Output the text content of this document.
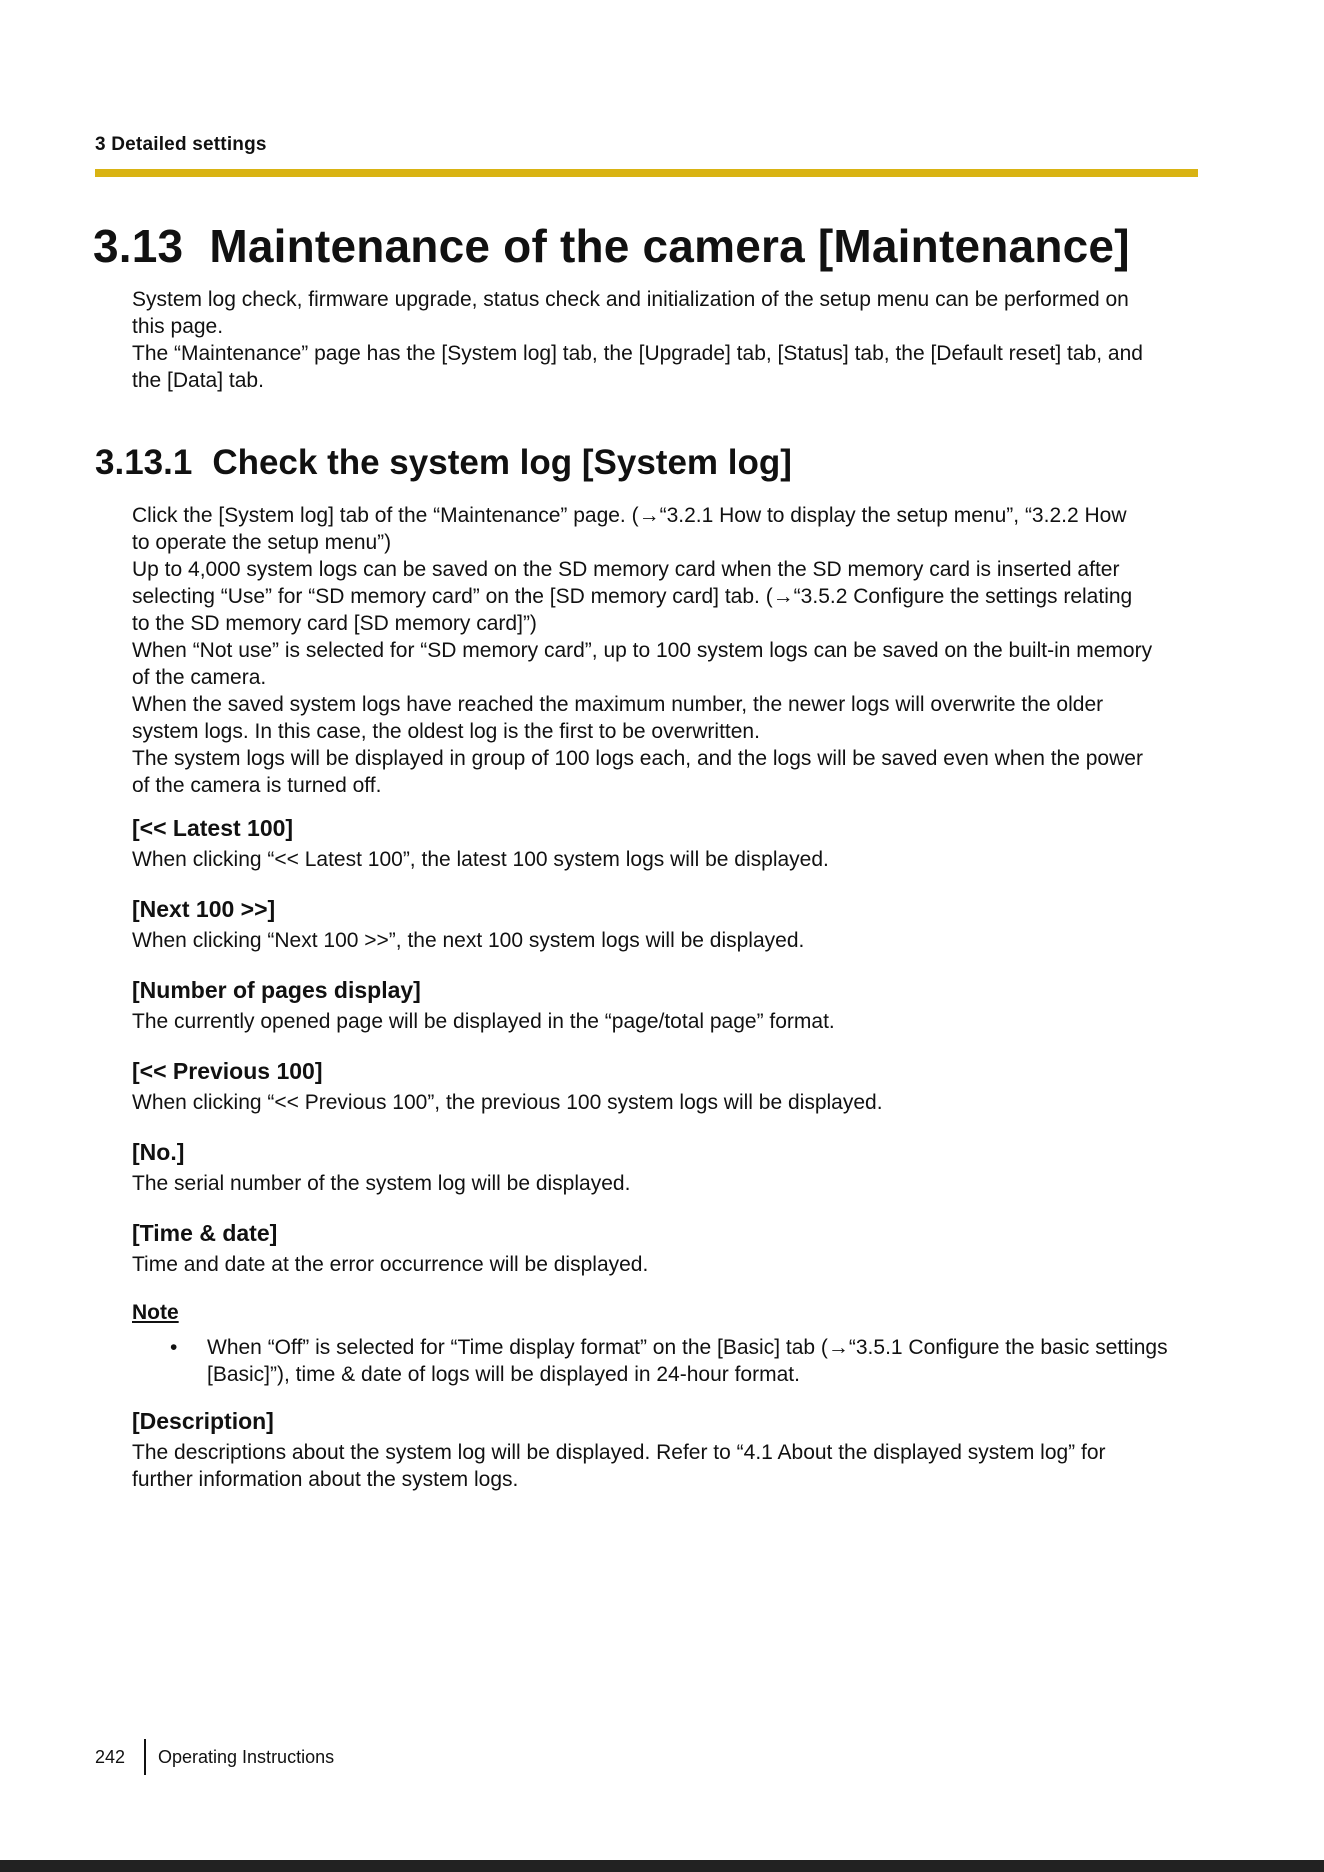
3 Detailed settings
3.13 Maintenance of the camera [Maintenance]
System log check, firmware upgrade, status check and initialization of the setup menu can be performed on
this page.
The “Maintenance” page has the [System log] tab, the [Upgrade] tab, [Status] tab, the [Default reset] tab, and
the [Data] tab.
3.13.1 Check the system log [System log]
Click the [System log] tab of the “Maintenance” page. (→“3.2.1 How to display the setup menu”, “3.2.2 How
to operate the setup menu”)
Up to 4,000 system logs can be saved on the SD memory card when the SD memory card is inserted after
selecting “Use” for “SD memory card” on the [SD memory card] tab. (→“3.5.2 Configure the settings relating
to the SD memory card [SD memory card]”)
When “Not use” is selected for “SD memory card”, up to 100 system logs can be saved on the built-in memory
of the camera.
When the saved system logs have reached the maximum number, the newer logs will overwrite the older
system logs. In this case, the oldest log is the first to be overwritten.
The system logs will be displayed in group of 100 logs each, and the logs will be saved even when the power
of the camera is turned off.
[<< Latest 100]
When clicking “<< Latest 100”, the latest 100 system logs will be displayed.
[Next 100 >>]
When clicking “Next 100 >>”, the next 100 system logs will be displayed.
[Number of pages display]
The currently opened page will be displayed in the “page/total page” format.
[<< Previous 100]
When clicking “<< Previous 100”, the previous 100 system logs will be displayed.
[No.]
The serial number of the system log will be displayed.
[Time & date]
Time and date at the error occurrence will be displayed.
Note
• When “Off” is selected for “Time display format” on the [Basic] tab (→“3.5.1 Configure the basic settings
[Basic]”), time & date of logs will be displayed in 24-hour format.
[Description]
The descriptions about the system log will be displayed. Refer to “4.1 About the displayed system log” for
further information about the system logs.
242 Operating Instructions
